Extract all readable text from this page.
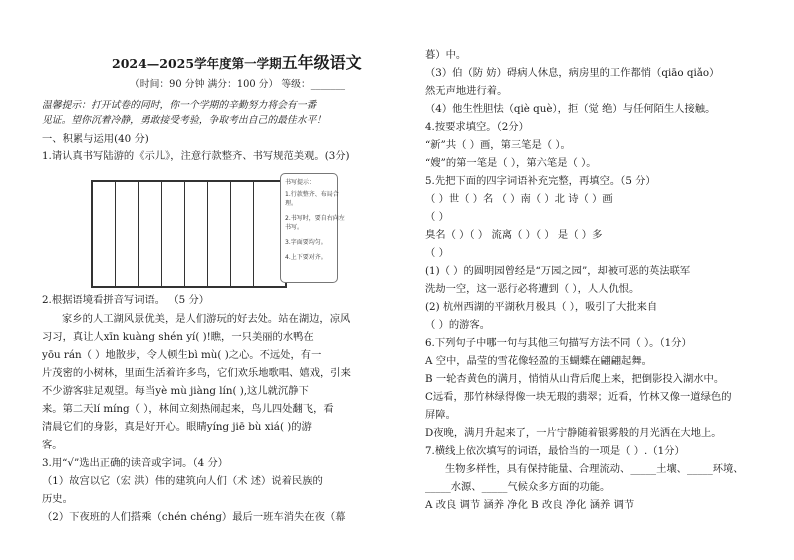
2024—2025学年度第一学期五年级语文
（时间：90 分钟 满分：100 分） 等级：_______
温馨提示：打开试卷的同时，你一个学期的辛勤努力将会有一番
见证。望你沉着冷静，勇敢接受考验，争取考出自己的最佳水平！
一、积累与运用(40 分)
1.请认真书写陆游的《示儿》，注意行款整齐、书写规范美观。(3分)
书写提示：
1.行款整齐、布局合
理。
2.书写时，要自右向左
书写。
3.字面要均匀。
4.上下要对齐。
2.根据语境看拼音写词语。 （5 分）
家乡的人工湖风景优美，是人们游玩的好去处。站在湖边，凉风
习习，真让人xīn kuàng shén yí( )!瞧，一只美丽的水鸭在
yōu rán（ ）地散步，令人顿生bì mù( )之心。不远处，有一
片茂密的小树林，里面生活着许多鸟，它们欢乐地歌唱、嬉戏，引来
不少游客驻足观望。每当yè mù jiàng lín( ),这儿就沉静下
来。第二天lí míng（ ），林间立刻热闹起来，鸟儿四处翻飞，看
清晨它们的身影，真是好开心。眼睛yíng jiē bù xiá( )的游
客。
3.用“√”选出正确的读音或字词。（4 分）
（1）故宫以它（宏 洪）伟的建筑向人们（术 述）说着民族的
历史。
（2）下夜班的人们搭乘（chén chéng）最后一班车消失在夜（幕
暮）中。
（3）伯（防 妨）碍病人休息，病房里的工作都悄（qiāo qiǎo）
然无声地进行着。
（4）他生性胆怯（qiè què），拒（觉 绝）与任何陌生人接触。
4.按要求填空。（2分）
“新”共（ ）画，第三笔是（ ）。
“嫂”的第一笔是（ ），第六笔是（ ）。
5.先把下面的四字词语补充完整，再填空。（5 分）
（ ）世（ ）名 （ ）南（ ）北 诗（ ）画
（ ）
臭名（ ）（ ） 流离（ ）（ ） 是（ ）多
（ ）
(1)（ ）的圆明园曾经是“万园之园”，却被可恶的英法联军
洗劫一空，这一恶行必将遭到（ ），人人仇恨。
(2) 杭州西湖的平湖秋月极具（ ），吸引了大批来自
（ ）的游客。
6.下列句子中哪一句与其他三句描写方法不同（ ）。（1分）
A 空中，晶莹的雪花像轻盈的玉蝴蝶在翩翩起舞。
B 一轮杏黄色的满月，悄悄从山背后爬上来，把倒影投入湖水中。
C远看，那竹林绿得像一块无瑕的翡翠；近看，竹林又像一道绿色的
屏障。
D夜晚，满月升起来了，一片宁静随着银雾般的月光洒在大地上。
7.横线上依次填写的词语，最恰当的一项是（ ）.（1分）
生物多样性，具有保持能量、合理流动、_____土壤、_____环境、
_____水源、_____气候众多方面的功能。
A 改良 调节 涵养 净化 B 改良 净化 涵养 调节
